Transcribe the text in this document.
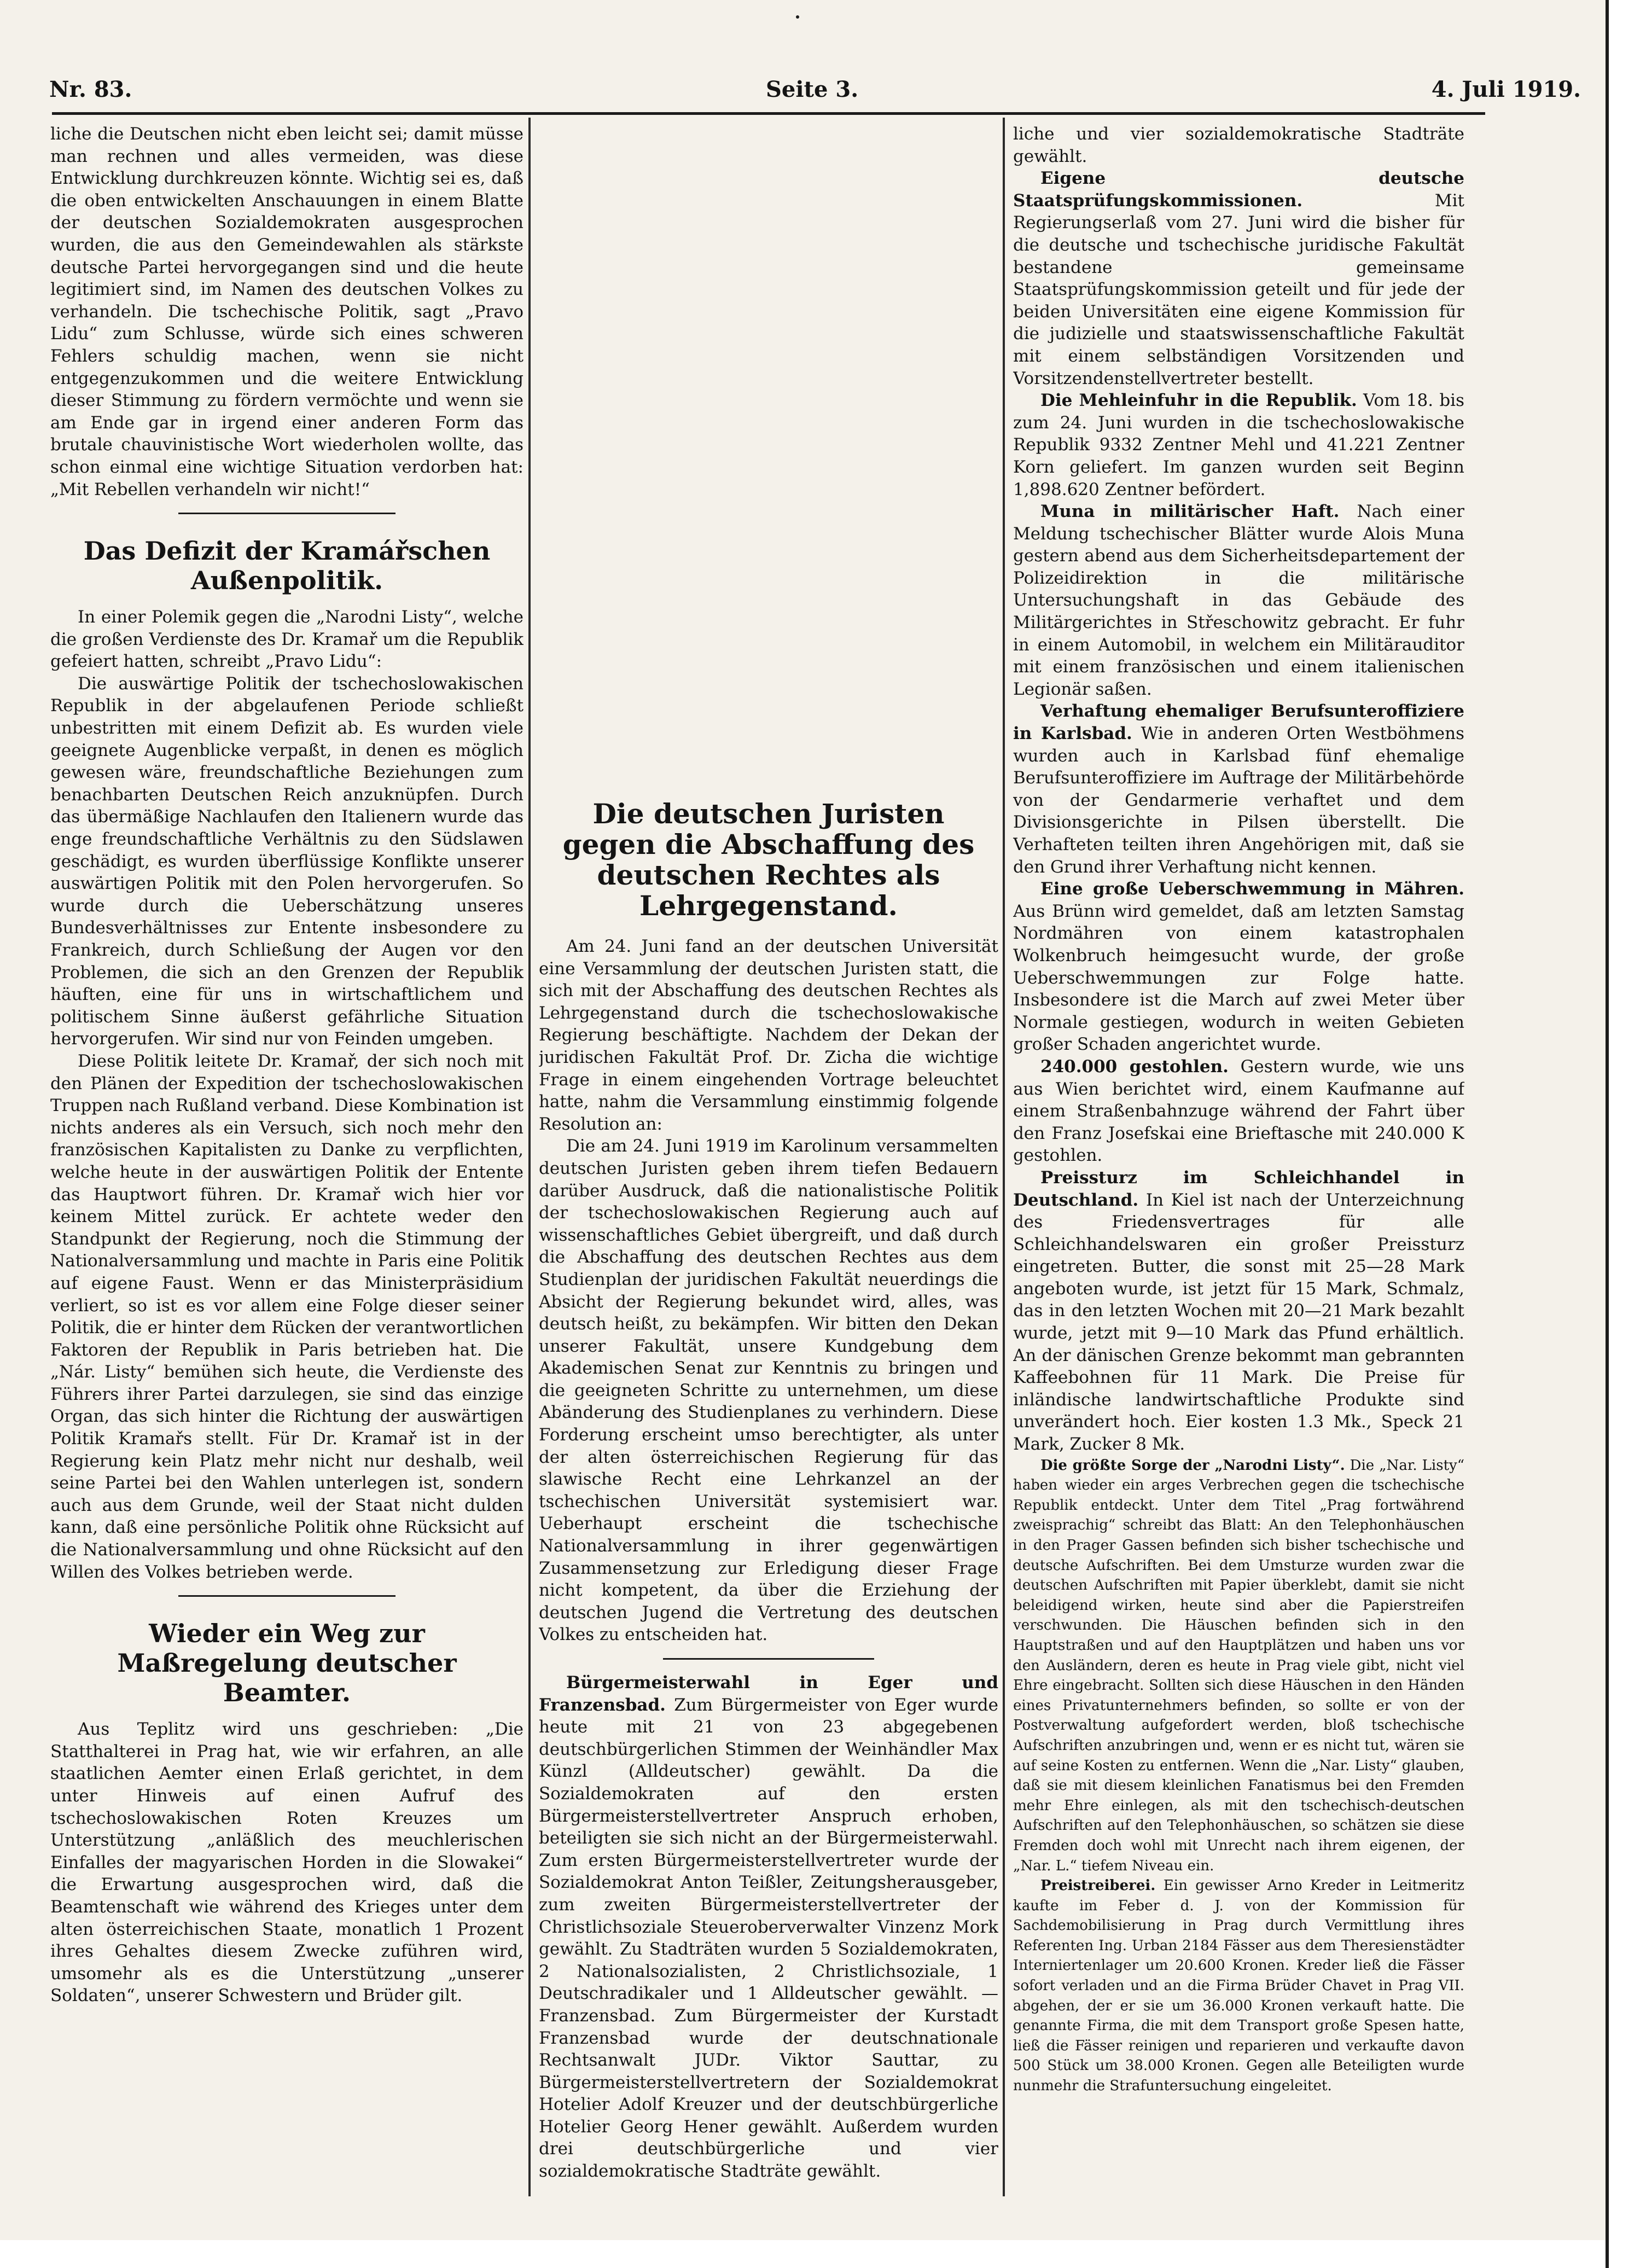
Nr. 83.	Seite 3.	4. Juli 1919.

liche die Deutschen nicht eben leicht sei; damit müsse man rechnen und alles vermeiden, was diese Entwicklung durchkreuzen könnte. Wichtig sei es, daß die oben entwickelten Anschauungen in einem Blatte der deutschen Sozialdemokraten ausgesprochen wurden, die aus den Gemeindewahlen als stärkste deutsche Partei hervorgegangen sind und die heute legitimiert sind, im Namen des deutschen Volkes zu verhandeln. Die tschechische Politik, sagt „Pravo Lidu“ zum Schlusse, würde sich eines schweren Fehlers schuldig machen, wenn sie nicht entgegenzukommen und die weitere Entwicklung dieser Stimmung zu fördern vermöchte und wenn sie am Ende gar in irgend einer anderen Form das brutale chauvinistische Wort wiederholen wollte, das schon einmal eine wichtige Situation verdorben hat: „Mit Rebellen verhandeln wir nicht!“

Das Defizit der Kramářschen Außenpolitik.

In einer Polemik gegen die „Narodni Listy“, welche die großen Verdienste des Dr. Kramař um die Republik gefeiert hatten, schreibt „Pravo Lidu“:

Die auswärtige Politik der tschechoslowakischen Republik in der abgelaufenen Periode schließt unbestritten mit einem Defizit ab. Es wurden viele geeignete Augenblicke verpaßt, in denen es möglich gewesen wäre, freundschaftliche Beziehungen zum benachbarten Deutschen Reich anzuknüpfen. Durch das übermäßige Nachlaufen den Italienern wurde das enge freundschaftliche Verhältnis zu den Südslawen geschädigt, es wurden überflüssige Konflikte unserer auswärtigen Politik mit den Polen hervorgerufen. So wurde durch die Ueberschätzung unseres Bundesverhältnisses zur Entente insbesondere zu Frankreich, durch Schließung der Augen vor den Problemen, die sich an den Grenzen der Republik häuften, eine für uns in wirtschaftlichem und politischem Sinne äußerst gefährliche Situation hervorgerufen. Wir sind nur von Feinden umgeben.

Diese Politik leitete Dr. Kramař, der sich noch mit den Plänen der Expedition der tschechoslowakischen Truppen nach Rußland verband. Diese Kombination ist nichts anderes als ein Versuch, sich noch mehr den französischen Kapitalisten zu Danke zu verpflichten, welche heute in der auswärtigen Politik der Entente das Hauptwort führen. Dr. Kramař wich hier vor keinem Mittel zurück. Er achtete weder den Standpunkt der Regierung, noch die Stimmung der Nationalversammlung und machte in Paris eine Politik auf eigene Faust. Wenn er das Ministerpräsidium verliert, so ist es vor allem eine Folge dieser seiner Politik, die er hinter dem Rücken der verantwortlichen Faktoren der Republik in Paris betrieben hat. Die „Nár. Listy“ bemühen sich heute, die Verdienste des Führers ihrer Partei darzulegen, sie sind das einzige Organ, das sich hinter die Richtung der auswärtigen Politik Kramařs stellt. Für Dr. Kramař ist in der Regierung kein Platz mehr nicht nur deshalb, weil seine Partei bei den Wahlen unterlegen ist, sondern auch aus dem Grunde, weil der Staat nicht dulden kann, daß eine persönliche Politik ohne Rücksicht auf die Nationalversammlung und ohne Rücksicht auf den Willen des Volkes betrieben werde.

Wieder ein Weg zur Maßregelung deutscher Beamter.

Aus Teplitz wird uns geschrieben: „Die Statthalterei in Prag hat, wie wir erfahren, an alle staatlichen Aemter einen Erlaß gerichtet, in dem unter Hinweis auf einen Aufruf des tschechoslowakischen Roten Kreuzes um Unterstützung „anläßlich des meuchlerischen Einfalles der magyarischen Horden in die Slowakei“ die Erwartung ausgesprochen wird, daß die Beamtenschaft wie während des Krieges unter dem alten österreichischen Staate, monatlich 1 Prozent ihres Gehaltes diesem Zwecke zuführen wird, umsomehr als es die Unterstützung „unserer Soldaten“, unserer Schwestern und Brüder gilt.

Die deutschen Juristen gegen die Abschaffung des deutschen Rechtes als Lehrgegenstand.

Am 24. Juni fand an der deutschen Universität eine Versammlung der deutschen Juristen statt, die sich mit der Abschaffung des deutschen Rechtes als Lehrgegenstand durch die tschechoslowakische Regierung beschäftigte. Nachdem der Dekan der juridischen Fakultät Prof. Dr. Zicha die wichtige Frage in einem eingehenden Vortrage beleuchtet hatte, nahm die Versammlung einstimmig folgende Resolution an:

Die am 24. Juni 1919 im Karolinum versammelten deutschen Juristen geben ihrem tiefen Bedauern darüber Ausdruck, daß die nationalistische Politik der tschechoslowakischen Regierung auch auf wissenschaftliches Gebiet übergreift, und daß durch die Abschaffung des deutschen Rechtes aus dem Studienplan der juridischen Fakultät neuerdings die Absicht der Regierung bekundet wird, alles, was deutsch heißt, zu bekämpfen. Wir bitten den Dekan unserer Fakultät, unsere Kundgebung dem Akademischen Senat zur Kenntnis zu bringen und die geeigneten Schritte zu unternehmen, um diese Abänderung des Studienplanes zu verhindern. Diese Forderung erscheint umso berechtigter, als unter der alten österreichischen Regierung für das slawische Recht eine Lehrkanzel an der tschechischen Universität systemisiert war. Ueberhaupt erscheint die tschechische Nationalversammlung in ihrer gegenwärtigen Zusammensetzung zur Erledigung dieser Frage nicht kompetent, da über die Erziehung der deutschen Jugend die Vertretung des deutschen Volkes zu entscheiden hat.

Bürgermeisterwahl in Eger und Franzensbad. Zum Bürgermeister von Eger wurde heute mit 21 von 23 abgegebenen deutschbürgerlichen Stimmen der Weinhändler Max Künzl (Alldeutscher) gewählt. Da die Sozialdemokraten auf den ersten Bürgermeisterstellvertreter Anspruch erhoben, beteiligten sie sich nicht an der Bürgermeisterwahl. Zum ersten Bürgermeisterstellvertreter wurde der Sozialdemokrat Anton Teißler, Zeitungsherausgeber, zum zweiten Bürgermeisterstellvertreter der Christlichsoziale Steueroberverwalter Vinzenz Mork gewählt. Zu Stadträten wurden 5 Sozialdemokraten, 2 Nationalsozialisten, 2 Christlichsoziale, 1 Deutschradikaler und 1 Alldeutscher gewählt. — Franzensbad. Zum Bürgermeister der Kurstadt Franzensbad wurde der deutschnationale Rechtsanwalt JUDr. Viktor Sauttar, zu Bürgermeisterstellvertretern der Sozialdemokrat Hotelier Adolf Kreuzer und der deutschbürgerliche Hotelier Georg Hener gewählt. Außerdem wurden drei deutschbürgerliche und vier sozialdemokratische Stadträte gewählt.

liche und vier sozialdemokratische Stadträte gewählt.

Eigene deutsche Staatsprüfungskommissionen.	Mit Regierungserlaß vom 27. Juni wird die bisher für die deutsche und tschechische juridische Fakultät bestandene gemeinsame Staatsprüfungskommission geteilt und für jede der beiden Universitäten eine eigene Kommission für die judizielle und staatswissenschaftliche Fakultät mit einem selbständigen Vorsitzenden und Vorsitzendenstellvertreter bestellt.

Die Mehleinfuhr in die Republik. Vom 18. bis zum 24. Juni wurden in die tschechoslowakische Republik 9332 Zentner Mehl und 41.221 Zentner Korn geliefert. Im ganzen wurden seit Beginn 1,898.620 Zentner befördert.

Muna in militärischer Haft. Nach einer Meldung tschechischer Blätter wurde Alois Muna gestern abend aus dem Sicherheitsdepartement der Polizeidirektion in die militärische Untersuchungshaft in das Gebäude des Militärgerichtes in Střeschowitz gebracht. Er fuhr in einem Automobil, in welchem ein Militärauditor mit einem französischen und einem italienischen Legionär saßen.

Verhaftung ehemaliger Berufsunteroffiziere in Karlsbad. Wie in anderen Orten Westböhmens wurden auch in Karlsbad fünf ehemalige Berufsunteroffiziere im Auftrage der Militärbehörde von der Gendarmerie verhaftet und dem Divisionsgerichte in Pilsen überstellt. Die Verhafteten teilten ihren Angehörigen mit, daß sie den Grund ihrer Verhaftung nicht kennen.

Eine große Ueberschwemmung in Mähren. Aus Brünn wird gemeldet, daß am letzten Samstag Nordmähren von einem katastrophalen Wolkenbruch heimgesucht wurde, der große Ueberschwemmungen zur Folge hatte. Insbesondere ist die March auf zwei Meter über Normale gestiegen, wodurch in weiten Gebieten großer Schaden angerichtet wurde.

240.000 gestohlen. Gestern wurde, wie uns aus Wien berichtet wird, einem Kaufmanne auf einem Straßenbahnzuge während der Fahrt über den Franz Josefskai eine Brieftasche mit 240.000 K gestohlen.

Preissturz im Schleichhandel in Deutschland. In Kiel ist nach der Unterzeichnung des Friedensvertrages für alle Schleichhandelswaren ein großer Preissturz eingetreten. Butter, die sonst mit 25—28 Mark angeboten wurde, ist jetzt für 15 Mark, Schmalz, das in den letzten Wochen mit 20—21 Mark bezahlt wurde, jetzt mit 9—10 Mark das Pfund erhältlich. An der dänischen Grenze bekommt man gebrannten Kaffeebohnen für 11 Mark. Die Preise für inländische landwirtschaftliche Produkte sind unverändert hoch. Eier kosten 1.3 Mk., Speck 21 Mark, Zucker 8 Mk.

Die größte Sorge der „Narodni Listy“. Die „Nar. Listy“ haben wieder ein arges Verbrechen gegen die tschechische Republik entdeckt. Unter dem Titel „Prag fortwährend zweisprachig“ schreibt das Blatt: An den Telephonhäuschen in den Prager Gassen befinden sich bisher tschechische und deutsche Aufschriften. Bei dem Umsturze wurden zwar die deutschen Aufschriften mit Papier überklebt, damit sie nicht beleidigend wirken, heute sind aber die Papierstreifen verschwunden. Die Häuschen befinden sich in den Hauptstraßen und auf den Hauptplätzen und haben uns vor den Ausländern, deren es heute in Prag viele gibt, nicht viel Ehre eingebracht. Sollten sich diese Häuschen in den Händen eines Privatunternehmers befinden, so sollte er von der Postverwaltung aufgefordert werden, bloß tschechische Aufschriften anzubringen und, wenn er es nicht tut, wären sie auf seine Kosten zu entfernen. Wenn die „Nar. Listy“ glauben, daß sie mit diesem kleinlichen Fanatismus bei den Fremden mehr Ehre einlegen, als mit den tschechisch-deutschen Aufschriften auf den Telephonhäuschen, so schätzen sie diese Fremden doch wohl mit Unrecht nach ihrem eigenen, der „Nar. L.“ tiefem Niveau ein.

Preistreiberei. Ein gewisser Arno Kreder in Leitmeritz kaufte im Feber d. J. von der Kommission für Sachdemobilisierung in Prag durch Vermittlung ihres Referenten Ing. Urban 2184 Fässer aus dem Theresienstädter Interniertenlager um 20.600 Kronen. Kreder ließ die Fässer sofort verladen und an die Firma Brüder Chavet in Prag VII. abgehen, der er sie um 36.000 Kronen verkauft hatte. Die genannte Firma, die mit dem Transport große Spesen hatte, ließ die Fässer reinigen und reparieren und verkaufte davon 500 Stück um 38.000 Kronen. Gegen alle Beteiligten wurde nunmehr die Strafuntersuchung eingeleitet.
